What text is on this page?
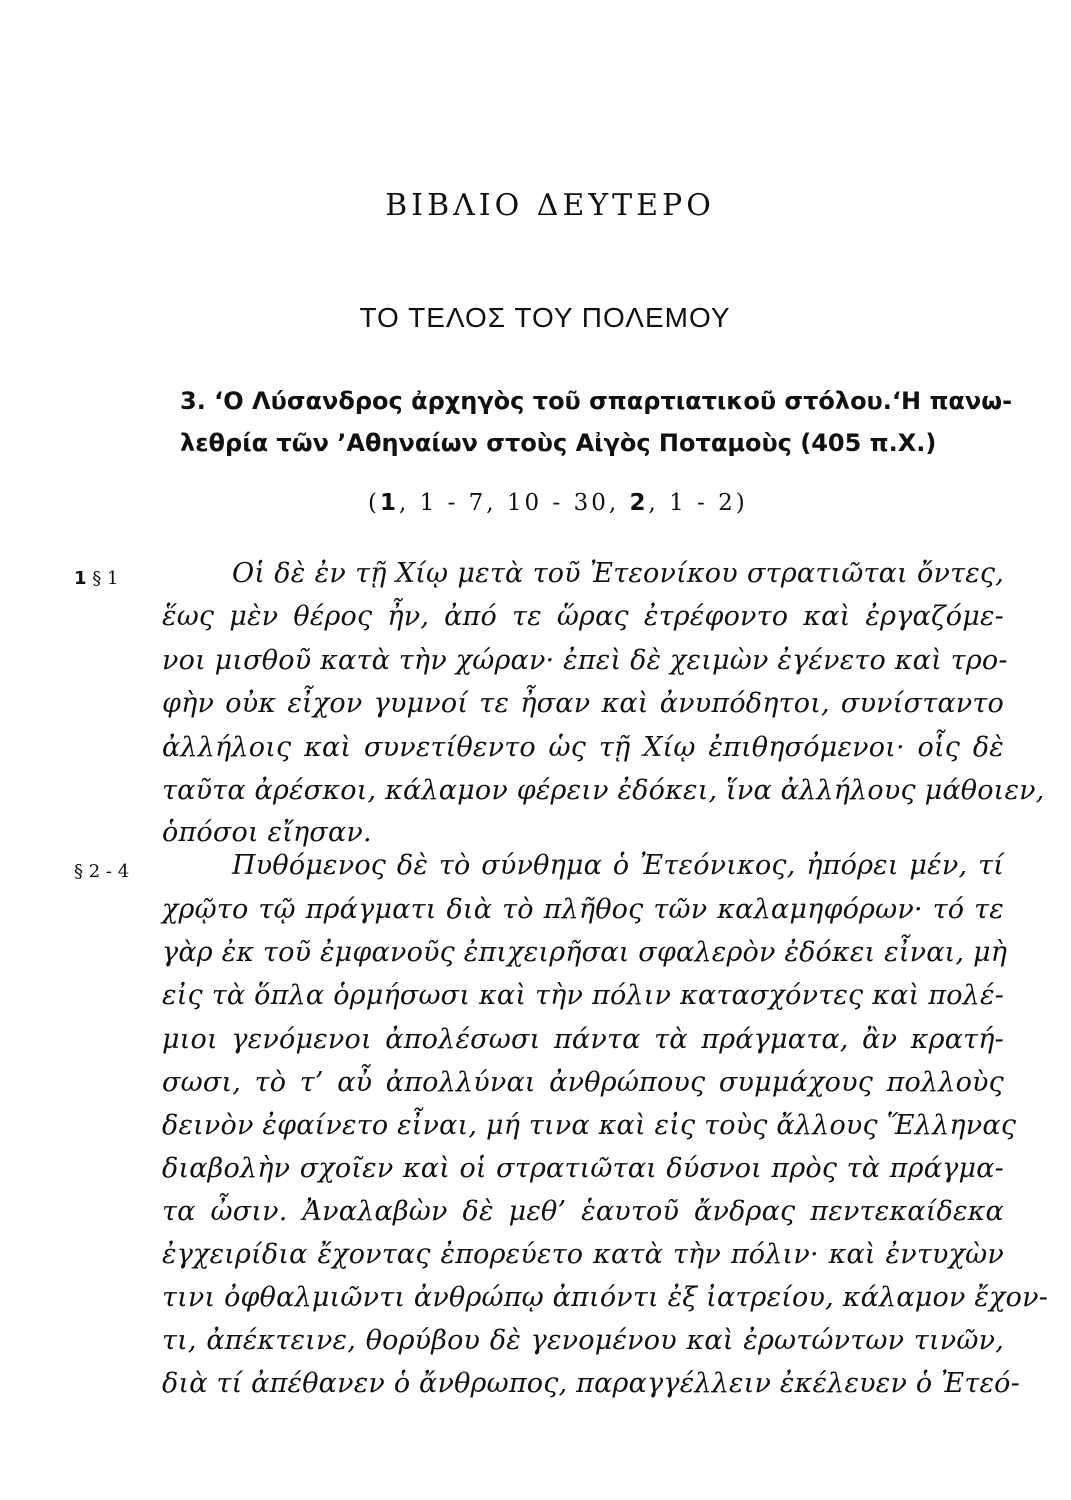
ΒΙΒΛΙΟ ΔΕΥΤΕΡΟ
ΤΟ ΤΕΛΟΣ ΤΟΥ ΠΟΛΕΜΟΥ
3. ‘Ο Λύσανδρος ἀρχηγὸς τοῦ σπαρτιατικοῦ στόλου.‘Η πανω-
λεθρία τῶν ’Αθηναίων στοὺς Αἰγὸς Ποταμοὺς (405 π.Χ.)
(1, 1 - 7, 10 - 30, 2, 1 - 2)
1 § 1	Οἱ δὲ ἐν τῇ Χίῳ μετὰ τοῦ Ἐτεονίκου στρατιῶται ὄντες,
ἕως μὲν θέρος ἦν, ἀπό τε ὥρας ἐτρέφοντο καὶ ἐργαζόμε-
νοι μισθοῦ κατὰ τὴν χώραν· ἐπεὶ δὲ χειμὼν ἐγένετο καὶ τρο-
φὴν οὐκ εἶχον γυμνοί τε ἦσαν καὶ ἀνυπόδητοι, συνίσταντο
ἀλλήλοις καὶ συνετίθεντο ὡς τῇ Χίῳ ἐπιθησόμενοι· οἷς δὲ
ταῦτα ἀρέσκοι, κάλαμον φέρειν ἐδόκει, ἵνα ἀλλήλους μάθοιεν,
ὁπόσοι εἴησαν.
§ 2 - 4	Πυθόμενος δὲ τὸ σύνθημα ὁ Ἐτεόνικος, ἠπόρει μέν, τί
χρῷτο τῷ πράγματι διὰ τὸ πλῆθος τῶν καλαμηφόρων· τό τε
γὰρ ἐκ τοῦ ἐμφανοῦς ἐπιχειρῆσαι σφαλερὸν ἐδόκει εἶναι, μὴ
εἰς τὰ ὅπλα ὁρμήσωσι καὶ τὴν πόλιν κατασχόντες καὶ πολέ-
μιοι γενόμενοι ἀπολέσωσι πάντα τὰ πράγματα, ἂν κρατή-
σωσι, τὸ τ’ αὖ ἀπολλύναι ἀνθρώπους συμμάχους πολλοὺς
δεινὸν ἐφαίνετο εἶναι, μή τινα καὶ εἰς τοὺς ἄλλους Ἕλληνας
διαβολὴν σχοῖεν καὶ οἱ στρατιῶται δύσνοι πρὸς τὰ πράγμα-
τα ὦσιν. Ἀναλαβὼν δὲ μεθ’ ἑαυτοῦ ἄνδρας πεντεκαίδεκα
ἐγχειρίδια ἔχοντας ἐπορεύετο κατὰ τὴν πόλιν· καὶ ἐντυχὼν
τινι ὀφθαλμιῶντι ἀνθρώπῳ ἀπιόντι ἐξ ἰατρείου, κάλαμον ἔχον-
τι, ἀπέκτεινε, θορύβου δὲ γενομένου καὶ ἐρωτώντων τινῶν,
διὰ τί ἀπέθανεν ὁ ἄνθρωπος, παραγγέλλειν ἐκέλευεν ὁ Ἐτεό-
